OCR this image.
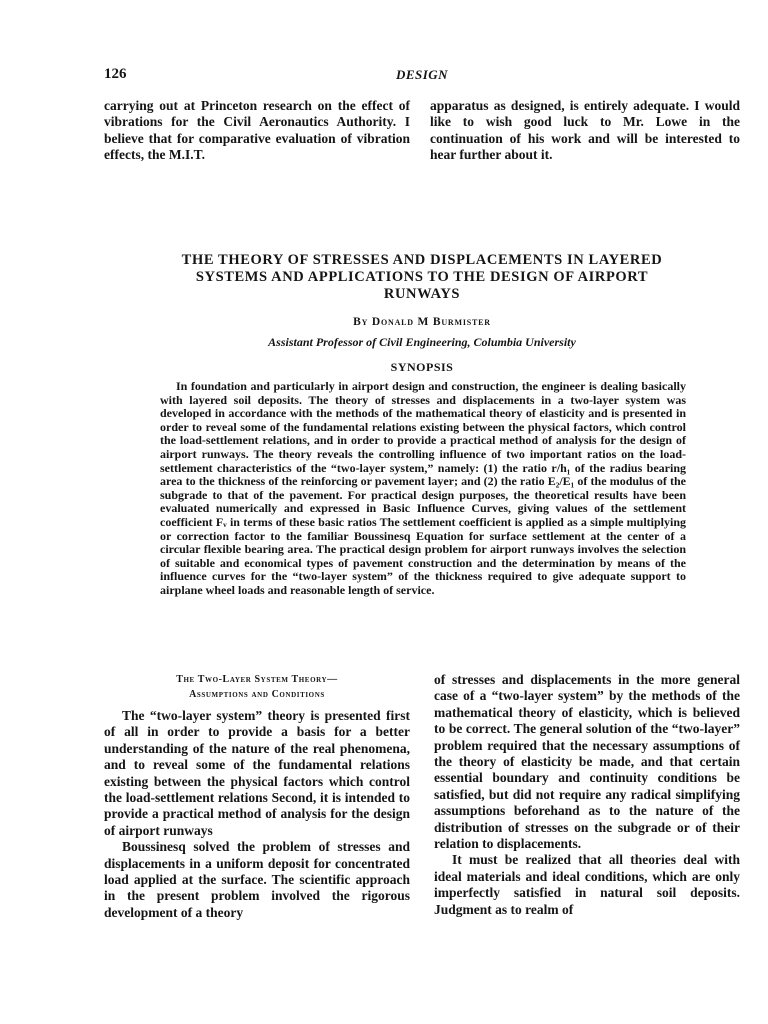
126	DESIGN

carrying out at Princeton research on the effect of vibrations for the Civil Aeronautics Authority. I believe that for comparative evaluation of vibration effects, the M.I.T.

apparatus as designed, is entirely adequate. I would like to wish good luck to Mr. Lowe in the continuation of his work and will be interested to hear further about it.

THE THEORY OF STRESSES AND DISPLACEMENTS IN LAYERED

SYSTEMS AND APPLICATIONS TO THE DESIGN OF AIRPORT

RUNWAYS

By Donald M Burmister
Assistant Professor of Civil Engineering, Columbia University
SYNOPSIS

In foundation and particularly in airport design and construction, the engineer is dealing basically with layered soil deposits. The theory of stresses and displacements in a two-layer system was developed in accordance with the methods of the mathematical theory of elasticity and is presented in order to reveal some of the fundamental relations existing between the physical factors, which control the load-settlement relations, and in order to provide a practical method of analysis for the design of airport runways. The theory reveals the controlling influence of two important ratios on the load-settlement characteristics of the “two-layer system,” namely: (1) the ratio r/h₁ of the radius bearing area to the thickness of the reinforcing or pavement layer; and (2) the ratio E₂/E₁ of the modulus of the subgrade to that of the pavement. For practical design purposes, the theoretical results have been evaluated numerically and expressed in Basic Influence Curves, giving values of the settlement coefficient Fᵥ in terms of these basic ratios The settlement coefficient is applied as a simple multiplying or correction factor to the familiar Boussinesq Equation for surface settlement at the center of a circular flexible bearing area. The practical design problem for airport runways involves the selection of suitable and economical types of pavement construction and the determination by means of the influence curves for the “two-layer system” of the thickness required to give adequate support to airplane wheel loads and reasonable length of service.

The Two-Layer System Theory—
Assumptions and Conditions

The “two-layer system” theory is presented first of all in order to provide a basis for a better understanding of the nature of the real phenomena, and to reveal some of the fundamental relations existing between the physical factors which control the load-settlement relations Second, it is intended to provide a practical method of analysis for the design of airport runways

Boussinesq solved the problem of stresses and displacements in a uniform deposit for concentrated load applied at the surface. The scientific approach in the present problem involved the rigorous development of a theory

of stresses and displacements in the more general case of a “two-layer system” by the methods of the mathematical theory of elasticity, which is believed to be correct. The general solution of the “two-layer” problem required that the necessary assumptions of the theory of elasticity be made, and that certain essential boundary and continuity conditions be satisfied, but did not require any radical simplifying assumptions beforehand as to the nature of the distribution of stresses on the subgrade or of their relation to displacements.

It must be realized that all theories deal with ideal materials and ideal conditions, which are only imperfectly satisfied in natural soil deposits. Judgment as to realm of
